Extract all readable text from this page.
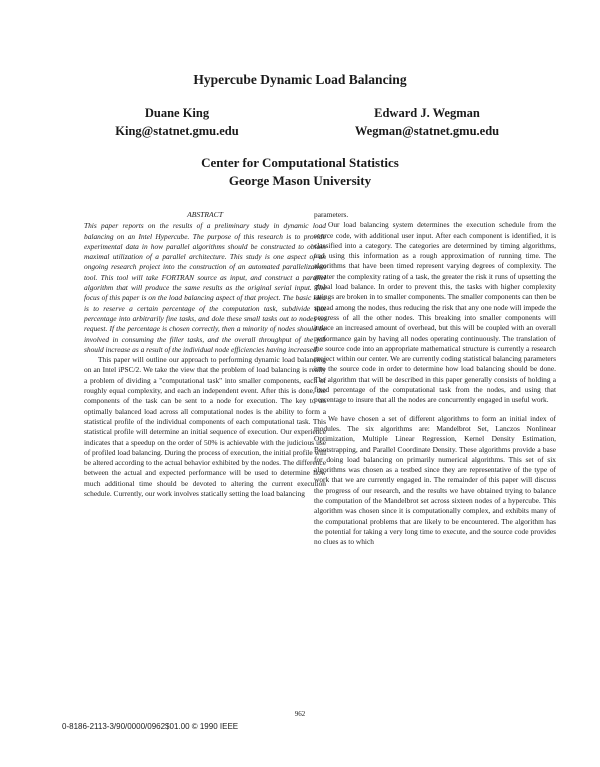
Hypercube Dynamic Load Balancing
Duane King
King@statnet.gmu.edu
Edward J. Wegman
Wegman@statnet.gmu.edu
Center for Computational Statistics
George Mason University
ABSTRACT

This paper reports on the results of a preliminary study in dynamic load balancing on an Intel Hypercube. The purpose of this research is to provide experimental data in how parallel algorithms should be constructed to obtain maximal utilization of a parallel architecture. This study is one aspect of an ongoing research project into the construction of an automated parallelization tool. This tool will take FORTRAN source as input, and construct a parallel algorithm that will produce the same results as the original serial input. The focus of this paper is on the load balancing aspect of that project. The basic idea is to reserve a certain percentage of the computation task, subdivide that percentage into arbitrarily fine tasks, and dole these small tasks out to nodes on request. If the percentage is chosen correctly, then a minority of nodes should be involved in consuming the filler tasks, and the overall throughput of the job should increase as a result of the individual node efficiencies having increased.

This paper will outline our approach to performing dynamic load balancing on an Intel iPSC/2. We take the view that the problem of load balancing is really a problem of dividing a "computational task" into smaller components, each of roughly equal complexity, and each an independent event. After this is done, the components of the task can be sent to a node for execution. The key to an optimally balanced load across all computational nodes is the ability to form a statistical profile of the individual components of each computational task. This statistical profile will determine an initial sequence of execution. Our experience indicates that a speedup on the order of 50% is achievable with the judicious use of profiled load balancing. During the process of execution, the initial profile will be altered according to the actual behavior exhibited by the nodes. The difference between the actual and expected performance will be used to determine how much additional time should be devoted to altering the current execution schedule. Currently, our work involves statically setting the load balancing

parameters.

Our load balancing system determines the execution schedule from the source code, with additional user input. After each component is identified, it is classified into a category. The categories are determined by timing algorithms, and using this information as a rough approximation of running time. The algorithms that have been timed represent varying degrees of complexity. The greater the complexity rating of a task, the greater the risk it runs of upsetting the global load balance. In order to prevent this, the tasks with higher complexity ratings are broken in to smaller components. The smaller components can then be spread among the nodes, thus reducing the risk that any one node will impede the progress of all the other nodes. This breaking into smaller components will induce an increased amount of overhead, but this will be coupled with an overall performance gain by having all nodes operating continuously. The translation of the source code into an appropriate mathematical structure is currently a research project within our center. We are currently coding statistical balancing parameters into the source code in order to determine how load balancing should be done. The algorithm that will be described in this paper generally consists of holding a fixed percentage of the computational task from the nodes, and using that percentage to insure that all the nodes are concurrently engaged in useful work.

We have chosen a set of different algorithms to form an initial index of modules. The six algorithms are: Mandelbrot Set, Lanczos Nonlinear Optimization, Multiple Linear Regression, Kernel Density Estimation, Bootstrapping, and Parallel Coordinate Density. These algorithms provide a base for doing load balancing on primarily numerical algorithms. This set of six algorithms was chosen as a testbed since they are representative of the type of work that we are currently engaged in. The remainder of this paper will discuss the progress of our research, and the results we have obtained trying to balance the computation of the Mandelbrot set across sixteen nodes of a hypercube. This algorithm was chosen since it is computationally complex, and exhibits many of the computational problems that are likely to be encountered. The algorithm has the potential for taking a very long time to execute, and the source code provides no clues as to which

962
0-8186-2113-3/90/0000/0962$01.00 © 1990 IEEE
